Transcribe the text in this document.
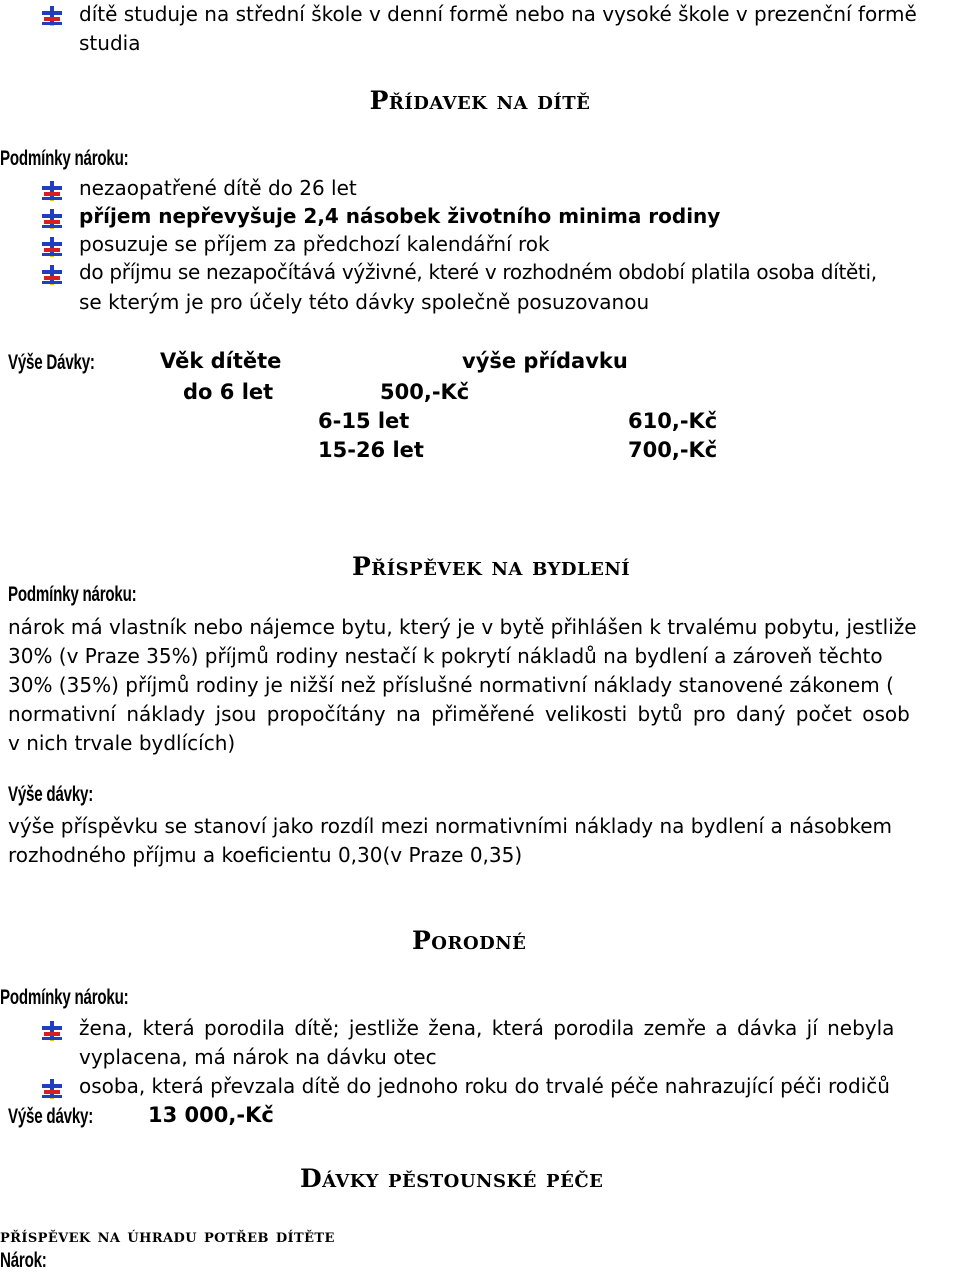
dítě studuje na střední škole v denní formě nebo na vysoké škole v prezenční formě
studia
Přídavek na dítě
Podmínky nároku:
nezaopatřené dítě do 26 let
příjem nepřevyšuje 2,4 násobek životního minima rodiny
posuzuje se příjem za předchozí kalendářní rok
do příjmu se nezapočítává výživné, které v rozhodném období platila osoba dítěti,
se kterým je pro účely této dávky společně posuzovanou
Výše Dávky:	Věk dítěte	výše přídavku
do 6 let	500,-Kč
6-15 let	610,-Kč
15-26 let	700,-Kč
Příspěvek na bydlení
Podmínky nároku:
nárok má vlastník nebo nájemce bytu, který je v bytě přihlášen k trvalému pobytu, jestliže
30% (v Praze 35%) příjmů rodiny nestačí k pokrytí nákladů na bydlení a zároveň těchto
30% (35%) příjmů rodiny je nižší než příslušné normativní náklady stanovené zákonem (
normativní náklady jsou propočítány na přiměřené velikosti bytů pro daný počet osob
v nich trvale bydlících)
Výše dávky:
výše příspěvku se stanoví jako rozdíl mezi normativními náklady na bydlení a násobkem
rozhodného příjmu a koeficientu 0,30(v Praze 0,35)
Porodné
Podmínky nároku:
žena, která porodila dítě; jestliže žena, která porodila zemře a dávka jí nebyla
vyplacena, má nárok na dávku otec
osoba, která převzala dítě do jednoho roku do trvalé péče nahrazující péči rodičů
Výše dávky:	13 000,-Kč
Dávky pěstounské péče
příspěvek na úhradu potřeb dítěte
Nárok:
